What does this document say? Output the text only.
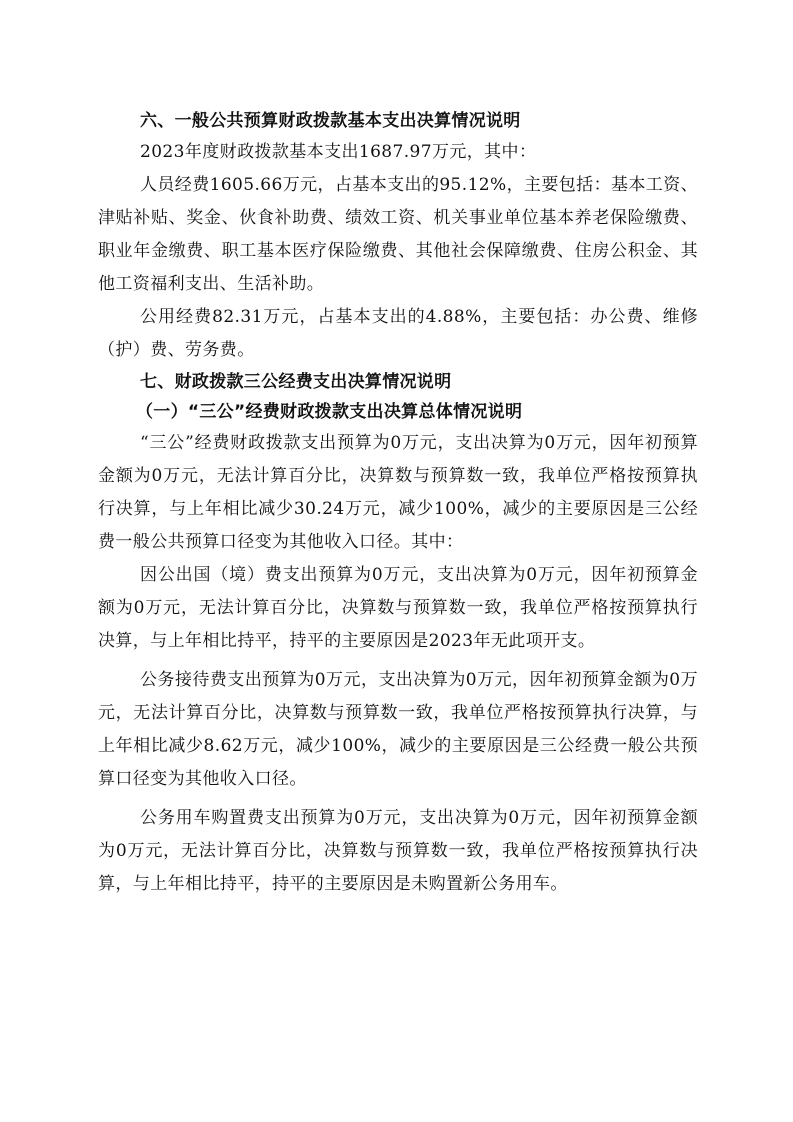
六、一般公共预算财政拨款基本支出决算情况说明

2023年度财政拨款基本支出1687.97万元，其中：

人员经费1605.66万元，占基本支出的95.12%，主要包括：基本工资、津贴补贴、奖金、伙食补助费、绩效工资、机关事业单位基本养老保险缴费、职业年金缴费、职工基本医疗保险缴费、其他社会保障缴费、住房公积金、其他工资福利支出、生活补助。

公用经费82.31万元，占基本支出的4.88%，主要包括：办公费、维修（护）费、劳务费。

七、财政拨款三公经费支出决算情况说明
（一）“三公”经费财政拨款支出决算总体情况说明

“三公”经费财政拨款支出预算为0万元，支出决算为0万元，因年初预算金额为0万元，无法计算百分比，决算数与预算数一致，我单位严格按预算执行决算，与上年相比减少30.24万元，减少100%，减少的主要原因是三公经费一般公共预算口径变为其他收入口径。其中：

因公出国（境）费支出预算为0万元，支出决算为0万元，因年初预算金额为0万元，无法计算百分比，决算数与预算数一致，我单位严格按预算执行决算，与上年相比持平，持平的主要原因是2023年无此项开支。

公务接待费支出预算为0万元，支出决算为0万元，因年初预算金额为0万元，无法计算百分比，决算数与预算数一致，我单位严格按预算执行决算，与上年相比减少8.62万元，减少100%，减少的主要原因是三公经费一般公共预算口径变为其他收入口径。

公务用车购置费支出预算为0万元，支出决算为0万元，因年初预算金额为0万元，无法计算百分比，决算数与预算数一致，我单位严格按预算执行决算，与上年相比持平，持平的主要原因是未购置新公务用车。
